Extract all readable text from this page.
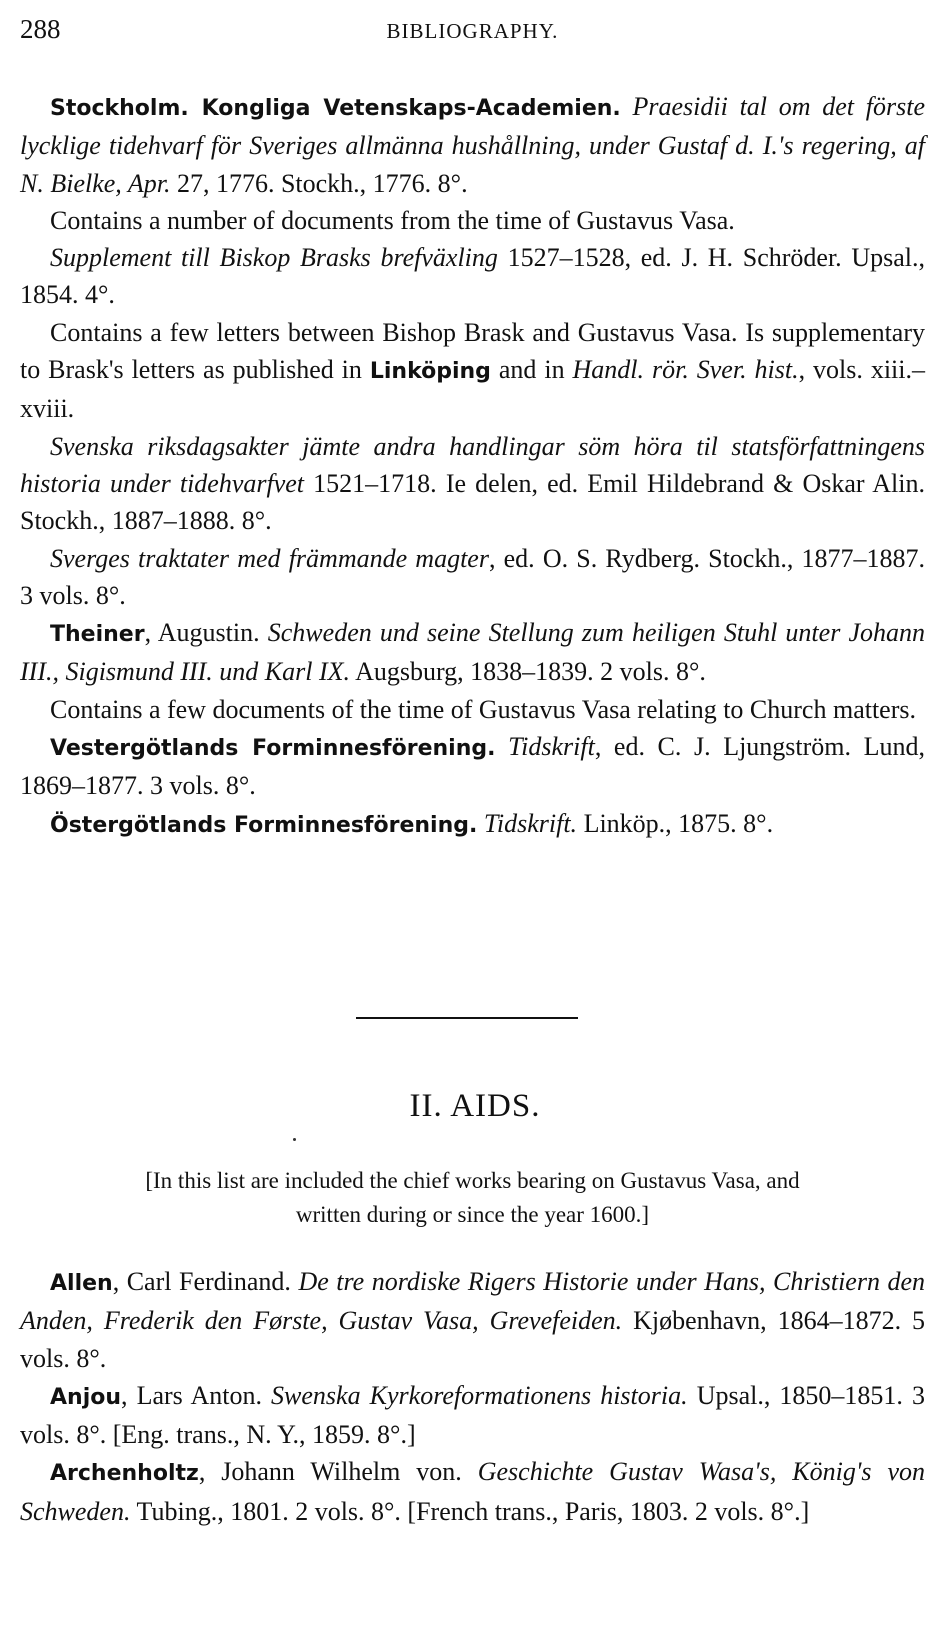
288	BIBLIOGRAPHY.

Stockholm. Kongliga Vetenskaps-Academien. Praesidii tal om det förste lycklige tidehvarf för Sveriges allmänna hushållning, under Gustaf d. I.'s regering, af N. Bielke, Apr. 27, 1776. Stockh., 1776. 8°.

Contains a number of documents from the time of Gustavus Vasa.

Supplement till Biskop Brasks brefväxling 1527–1528, ed. J. H. Schröder. Upsal., 1854. 4°.

Contains a few letters between Bishop Brask and Gustavus Vasa. Is supplementary to Brask's letters as published in Linköping and in Handl. rör. Sver. hist., vols. xiii.–xviii.

Svenska riksdagsakter jämte andra handlingar söm höra til statsförfattningens historia under tidehvarfvet 1521–1718. Ie delen, ed. Emil Hildebrand & Oskar Alin. Stockh., 1887–1888. 8°.

Sverges traktater med främmande magter, ed. O. S. Rydberg. Stockh., 1877–1887. 3 vols. 8°.

Theiner, Augustin. Schweden und seine Stellung zum heiligen Stuhl unter Johann III., Sigismund III. und Karl IX. Augsburg, 1838–1839. 2 vols. 8°.

Contains a few documents of the time of Gustavus Vasa relating to Church matters.

Vestergötlands Forminnesförening. Tidskrift, ed. C. J. Ljungström. Lund, 1869–1877. 3 vols. 8°.

Östergötlands Forminnesförening. Tidskrift. Linköp., 1875. 8°.

II. AIDS.
[In this list are included the chief works bearing on Gustavus Vasa, and
written during or since the year 1600.]

Allen, Carl Ferdinand. De tre nordiske Rigers Historie under Hans, Christiern den Anden, Frederik den Første, Gustav Vasa, Grevefeiden. Kjøbenhavn, 1864–1872. 5 vols. 8°.

Anjou, Lars Anton. Swenska Kyrkoreformationens historia. Upsal., 1850–1851. 3 vols. 8°. [Eng. trans., N. Y., 1859. 8°.]

Archenholtz, Johann Wilhelm von. Geschichte Gustav Wasa's, König's von Schweden. Tubing., 1801. 2 vols. 8°. [French trans., Paris, 1803. 2 vols. 8°.]
